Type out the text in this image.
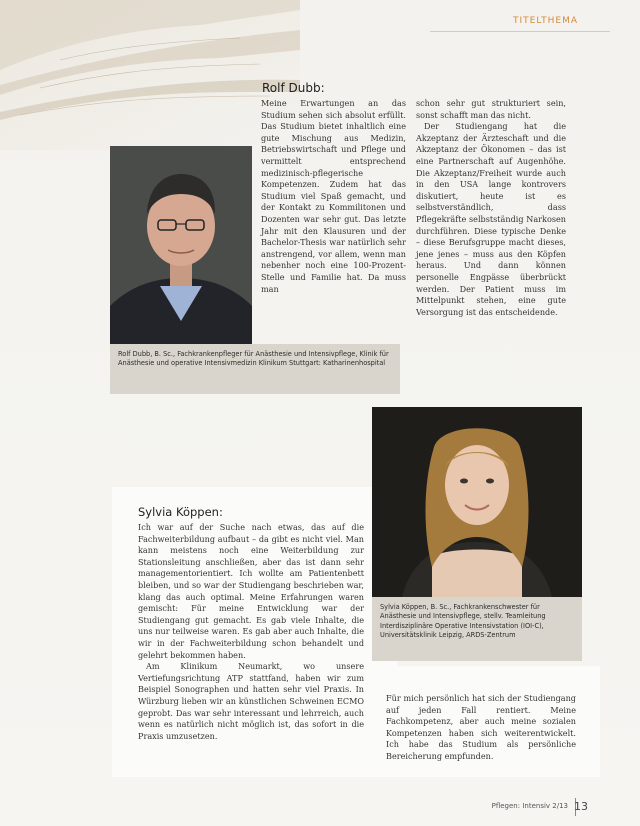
TITELTHEMA
Rolf Dubb:
Rolf Dubb, B. Sc., Fachkrankenpfleger für Anästhesie und Intensivpflege, Klinik für Anästhesie und operative Intensivmedizin Klinikum Stuttgart: Katharinenhospital

Meine Erwartungen an das Studium sehen sich absolut erfüllt. Das Studium bietet inhaltlich eine gute Mischung aus Medizin, Betriebswirtschaft und Pflege und vermittelt entsprechend medizinisch-pflegerische Kompetenzen. Zudem hat das Studium viel Spaß gemacht, und der Kontakt zu Kommilitonen und Dozenten war sehr gut. Das letzte Jahr mit den Klausuren und der Bachelor-Thesis war natürlich sehr anstrengend, vor allem, wenn man nebenher noch eine 100-Prozent-Stelle und Familie hat. Da muss man

schon sehr gut strukturiert sein, sonst schafft man das nicht.

Der Studiengang hat die Akzeptanz der Ärzteschaft und die Akzeptanz der Ökonomen – das ist eine Partnerschaft auf Augenhöhe. Die Akzeptanz/Freiheit wurde auch in den USA lange kontrovers diskutiert, heute ist es selbstverständlich, dass Pflegekräfte selbstständig Narkosen durchführen. Diese typische Denke – diese Berufsgruppe macht dieses, jene jenes – muss aus den Köpfen heraus. Und dann können personelle Engpässe überbrückt werden. Der Patient muss im Mittelpunkt stehen, eine gute Versorgung ist das entscheidende.

Sylvia Köppen, B. Sc., Fachkrankenschwester für Anästhesie und Intensivpflege, stellv. Teamleitung Interdisziplinäre Operative Intensivstation (IOI-C), Universitätsklinik Leipzig, ARDS-Zentrum
Sylvia Köppen:

Ich war auf der Suche nach etwas, das auf die Fachweiterbildung aufbaut – da gibt es nicht viel. Man kann meistens noch eine Weiterbildung zur Stationsleitung anschließen, aber das ist dann sehr managementorientiert. Ich wollte am Patientenbett bleiben, und so war der Studiengang beschrieben war, klang das auch optimal. Meine Erfahrungen waren gemischt: Für meine Entwicklung war der Studiengang gut gemacht. Es gab viele Inhalte, die uns nur teilweise waren. Es gab aber auch Inhalte, die wir in der Fachweiterbildung schon behandelt und gelehrt bekommen haben.

Am Klinikum Neumarkt, wo unsere Vertiefungsrichtung ATP stattfand, haben wir zum Beispiel Sonographen und hatten sehr viel Praxis. In Würzburg lieben wir an künstlichen Schweinen ECMO geprobt. Das war sehr interessant und lehrreich, auch wenn es natürlich nicht möglich ist, das sofort in die Praxis umzusetzen.

Für mich persönlich hat sich der Studiengang auf jeden Fall rentiert. Meine Fachkompetenz, aber auch meine sozialen Kompetenzen haben sich weiterentwickelt. Ich habe das Studium als persönliche Bereicherung empfunden.

Pflegen: Intensiv 2/13 13
